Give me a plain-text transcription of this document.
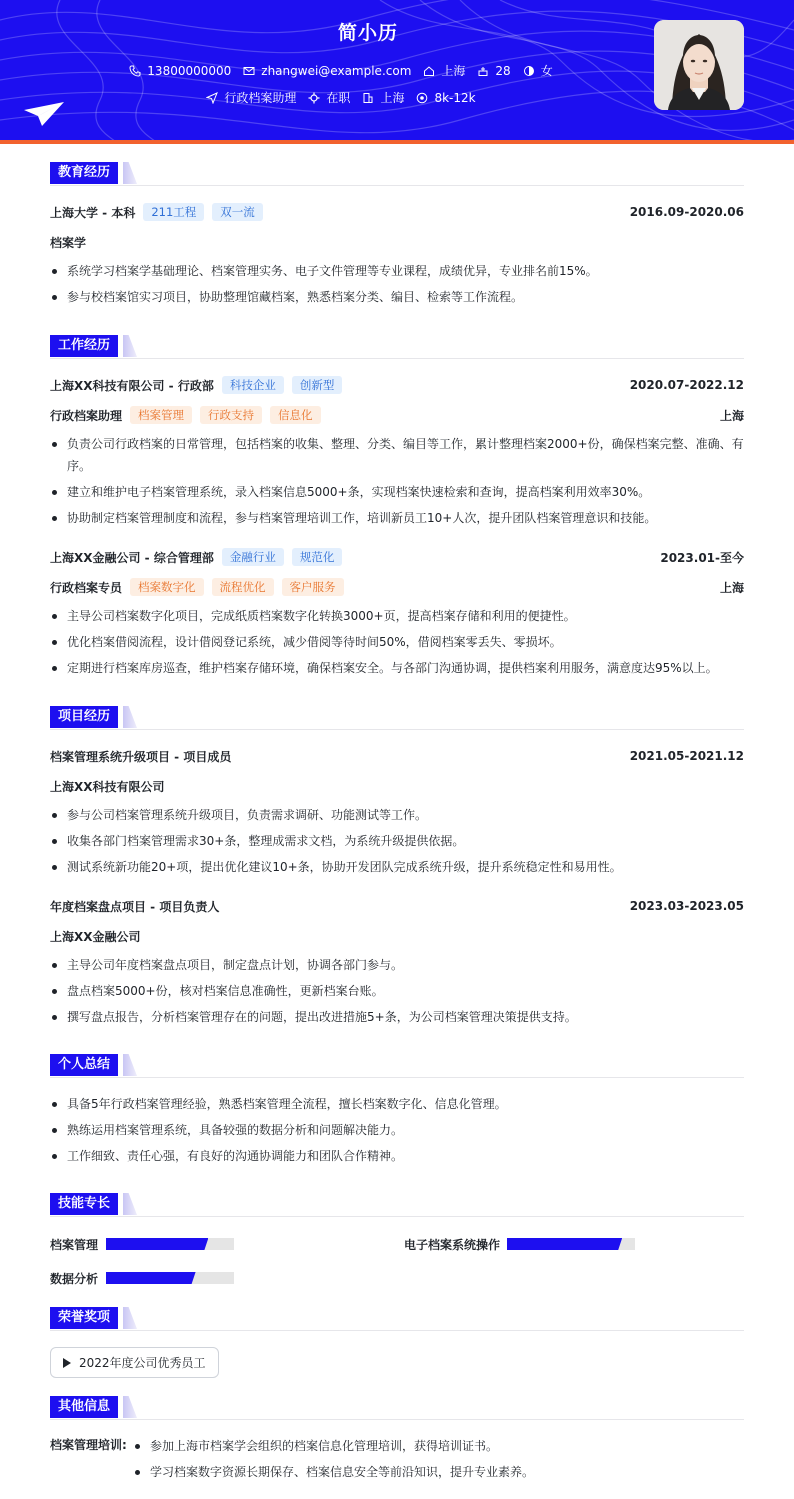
简小历
13800000000	zhangwei@example.com	上海	28	女
行政档案助理	在职	上海	8k-12k
教育经历
上海大学 - 本科	211工程	双一流	2016.09-2020.06
档案学
系统学习档案学基础理论、档案管理实务、电子文件管理等专业课程，成绩优异，专业排名前15%。
参与校档案馆实习项目，协助整理馆藏档案，熟悉档案分类、编目、检索等工作流程。
工作经历
上海XX科技有限公司 - 行政部	科技企业	创新型	2020.07-2022.12
行政档案助理	档案管理	行政支持	信息化	上海
负责公司行政档案的日常管理，包括档案的收集、整理、分类、编目等工作，累计整理档案2000+份，确保档案完整、准确、有序。
建立和维护电子档案管理系统，录入档案信息5000+条，实现档案快速检索和查询，提高档案利用效率30%。
协助制定档案管理制度和流程，参与档案管理培训工作，培训新员工10+人次，提升团队档案管理意识和技能。
上海XX金融公司 - 综合管理部	金融行业	规范化	2023.01-至今
行政档案专员	档案数字化	流程优化	客户服务	上海
主导公司档案数字化项目，完成纸质档案数字化转换3000+页，提高档案存储和利用的便捷性。
优化档案借阅流程，设计借阅登记系统，减少借阅等待时间50%，借阅档案零丢失、零损坏。
定期进行档案库房巡查，维护档案存储环境，确保档案安全。与各部门沟通协调，提供档案利用服务，满意度达95%以上。
项目经历
档案管理系统升级项目 - 项目成员	2021.05-2021.12
上海XX科技有限公司
参与公司档案管理系统升级项目，负责需求调研、功能测试等工作。
收集各部门档案管理需求30+条，整理成需求文档，为系统升级提供依据。
测试系统新功能20+项，提出优化建议10+条，协助开发团队完成系统升级，提升系统稳定性和易用性。
年度档案盘点项目 - 项目负责人	2023.03-2023.05
上海XX金融公司
主导公司年度档案盘点项目，制定盘点计划，协调各部门参与。
盘点档案5000+份，核对档案信息准确性，更新档案台账。
撰写盘点报告，分析档案管理存在的问题，提出改进措施5+条，为公司档案管理决策提供支持。
个人总结
具备5年行政档案管理经验，熟悉档案管理全流程，擅长档案数字化、信息化管理。
熟练运用档案管理系统，具备较强的数据分析和问题解决能力。
工作细致、责任心强，有良好的沟通协调能力和团队合作精神。
技能专长
档案管理	电子档案系统操作
数据分析
荣誉奖项
2022年度公司优秀员工
其他信息
档案管理培训:	参加上海市档案学会组织的档案信息化管理培训，获得培训证书。
学习档案数字资源长期保存、档案信息安全等前沿知识，提升专业素养。
